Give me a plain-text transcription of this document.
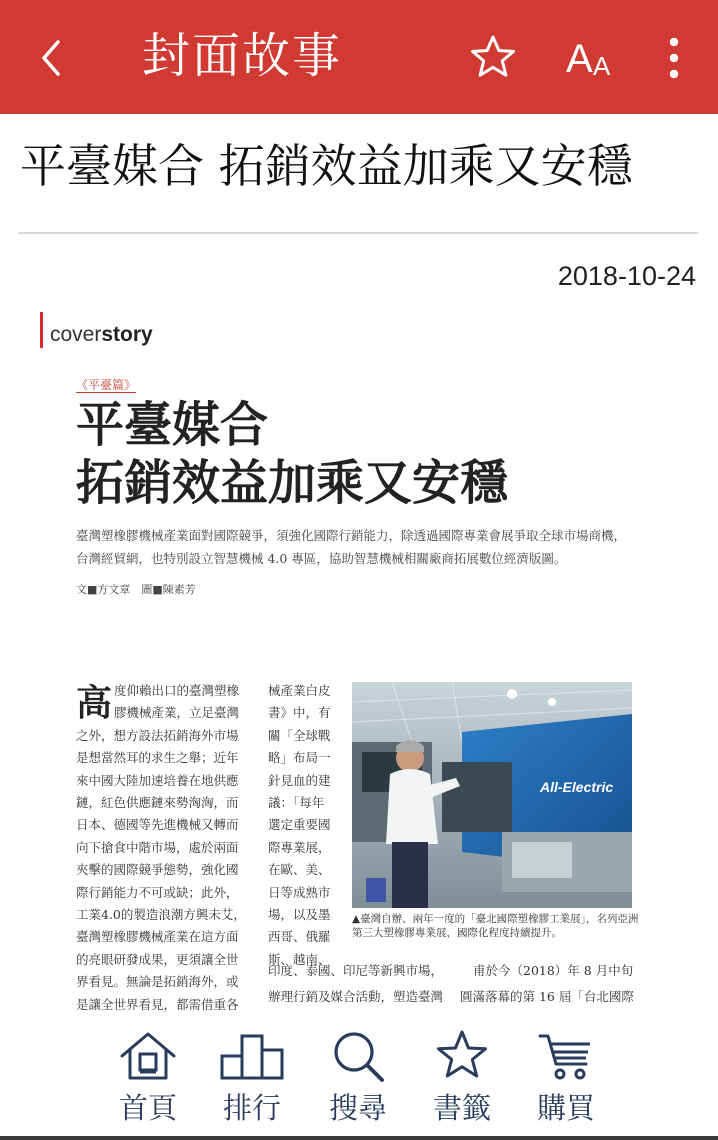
封面故事	A A
平臺媒合 拓銷效益加乘又安穩
2018-10-24
coverstory
《平臺篇》
平臺媒合
拓銷效益加乘又安穩
臺灣塑橡膠機械產業面對國際競爭，須強化國際行銷能力，除透過國際專業會展爭取全球市場商機，台灣經貿網，也特別設立智慧機械 4.0 專區，協助智慧機械相關廠商拓展數位經濟版圖。
文■方文章　圖■陳素芳
高度仰賴出口的臺灣塑橡膠機械產業，立足臺灣之外，想方設法拓銷海外市場是想當然耳的求生之舉；近年來中國大陸加速培養在地供應鏈，紅色供應鏈來勢洶洶，而日本、德國等先進機械又轉而向下搶食中階市場，處於兩面夾擊的國際競爭態勢，強化國際行銷能力不可或缺；此外，工業4.0的製造浪潮方興未艾，臺灣塑橡膠機械產業在這方面的亮眼研發成果，更須讓全世界看見。無論是拓銷海外，或是讓全世界看見，都需借重各
械產業白皮書》中，有關「全球戰略」布局一針見血的建議：「每年選定重要國際專業展，在歐、美、日等成熟市場，以及墨西哥、俄羅斯、越南、
All-Electric
▲臺灣自辦、兩年一度的「臺北國際塑橡膠工業展」，名列亞洲第三大塑橡膠專業展，國際化程度持續提升。
印度、泰國、印尼等新興市場，
辦理行銷及媒合活動，塑造臺灣
甫於今（2018）年 8 月中旬
圓滿落幕的第 16 屆「台北國際
首頁	排行	搜尋	書籤	購買
